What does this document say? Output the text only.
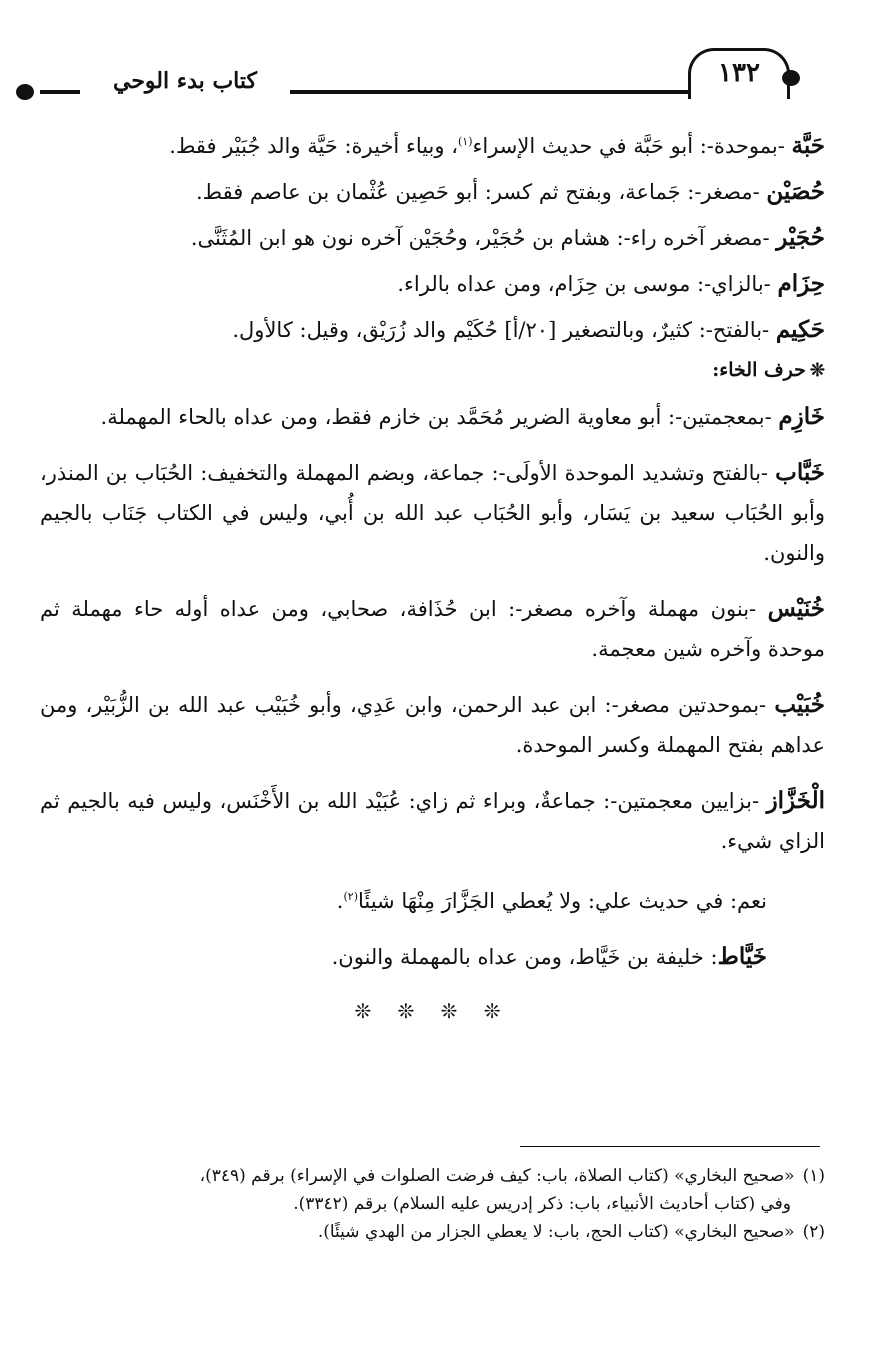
كتاب بدء الوحي	١٣٢

حَبَّة -بموحدة-: أبو حَبَّة في حديث الإسراء$^{(١)}$، وبياء أخيرة: حَيَّة والد جُبَيْر فقط.

حُصَيْن -مصغر-: جَماعة، وبفتح ثم كسر: أبو حَصِين عُثْمان بن عاصم فقط.

حُجَيْر -مصغر آخره راء-: هشام بن حُجَيْر، وحُجَيْن آخره نون هو ابن المُثَنَّى.

حِزَام -بالزاي-: موسى بن حِزَام، ومن عداه بالراء.

حَكِيم -بالفتح-: كثيرٌ، وبالتصغير [٢٠/أ] حُكَيْم والد زُرَيْق، وقيل: كالأول.

❊حرف الخاء:

خَازِم -بمعجمتين-: أبو معاوية الضرير مُحَمَّد بن خازم فقط، ومن عداه بالحاء المهملة.

خَبَّاب -بالفتح وتشديد الموحدة الأولَى-: جماعة، وبضم المهملة والتخفيف: الحُبَاب بن المنذر، وأبو الحُبَاب سعيد بن يَسَار، وأبو الحُبَاب عبد الله بن أُبي، وليس في الكتاب جَنَاب بالجيم والنون.

خُنَيْس -بنون مهملة وآخره مصغر-: ابن حُذَافة، صحابي، ومن عداه أوله حاء مهملة ثم موحدة وآخره شين معجمة.

خُبَيْب -بموحدتين مصغر-: ابن عبد الرحمن، وابن عَدِي، وأبو خُبَيْب عبد الله بن الزُّبَيْر، ومن عداهم بفتح المهملة وكسر الموحدة.

الْخَزَّاز -بزايين معجمتين-: جماعةٌ، وبراء ثم زاي: عُبَيْد الله بن الأَخْنَس، وليس فيه بالجيم ثم الزاي شيء.

نعم: في حديث علي: ولا يُعطي الجَزَّارَ مِنْهَا شيئًا$^{(٢)}$.

خَيَّاط: خليفة بن خَيَّاط، ومن عداه بالمهملة والنون.

❊ ❊ ❊ ❊

(١)«صحيح البخاري» (كتاب الصلاة، باب: كيف فرضت الصلوات في الإسراء) برقم (٣٤٩)،
وفي (كتاب أحاديث الأنبياء، باب: ذكر إدريس عليه السلام) برقم (٣٣٤٢).

(٢)«صحيح البخاري» (كتاب الحج، باب: لا يعطي الجزار من الهدي شيئًا).
